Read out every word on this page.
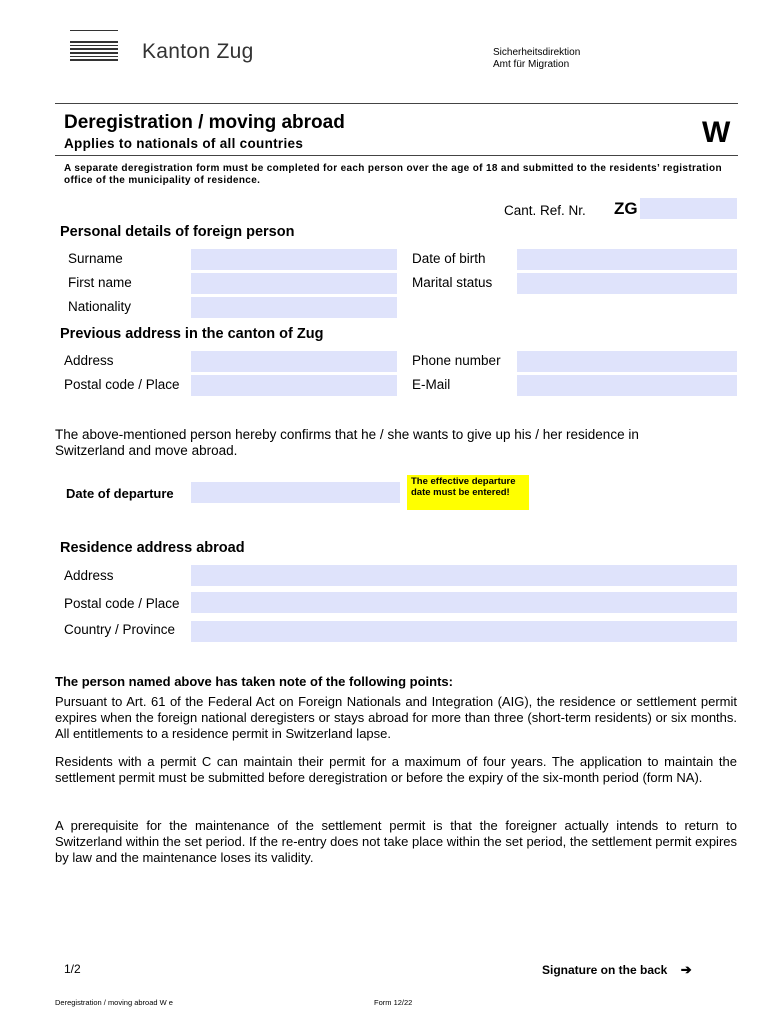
Kanton Zug	Sicherheitsdirektion
Amt für Migration
Deregistration / moving abroad
Applies to nationals of all countries	W
A separate deregistration form must be completed for each person over the age of 18 and submitted to the residents’ registration office of the municipality of residence.
Cant. Ref. Nr. ZG
Personal details of foreign person
Surname	Date of birth
First name	Marital status
Nationality
Previous address in the canton of Zug
Address	Phone number
Postal code / Place	E-Mail
The above-mentioned person hereby confirms that he / she wants to give up his / her residence in Switzerland and move abroad.
Date of departure
The effective departure date must be entered!
Residence address abroad
Address
Postal code / Place
Country / Province
The person named above has taken note of the following points:
Pursuant to Art. 61 of the Federal Act on Foreign Nationals and Integration (AIG), the residence or settlement permit expires when the foreign national deregisters or stays abroad for more than three (short-term residents) or six months. All entitlements to a residence permit in Switzerland lapse.
Residents with a permit C can maintain their permit for a maximum of four years. The application to maintain the settlement permit must be submitted before deregistration or before the expiry of the six-month period (form NA).
A prerequisite for the maintenance of the settlement permit is that the foreigner actually intends to return to Switzerland within the set period. If the re-entry does not take place within the set period, the settlement permit expires by law and the maintenance loses its validity.
1/2	Signature on the back ➔
Deregistration / moving abroad W e	Form 12/22
